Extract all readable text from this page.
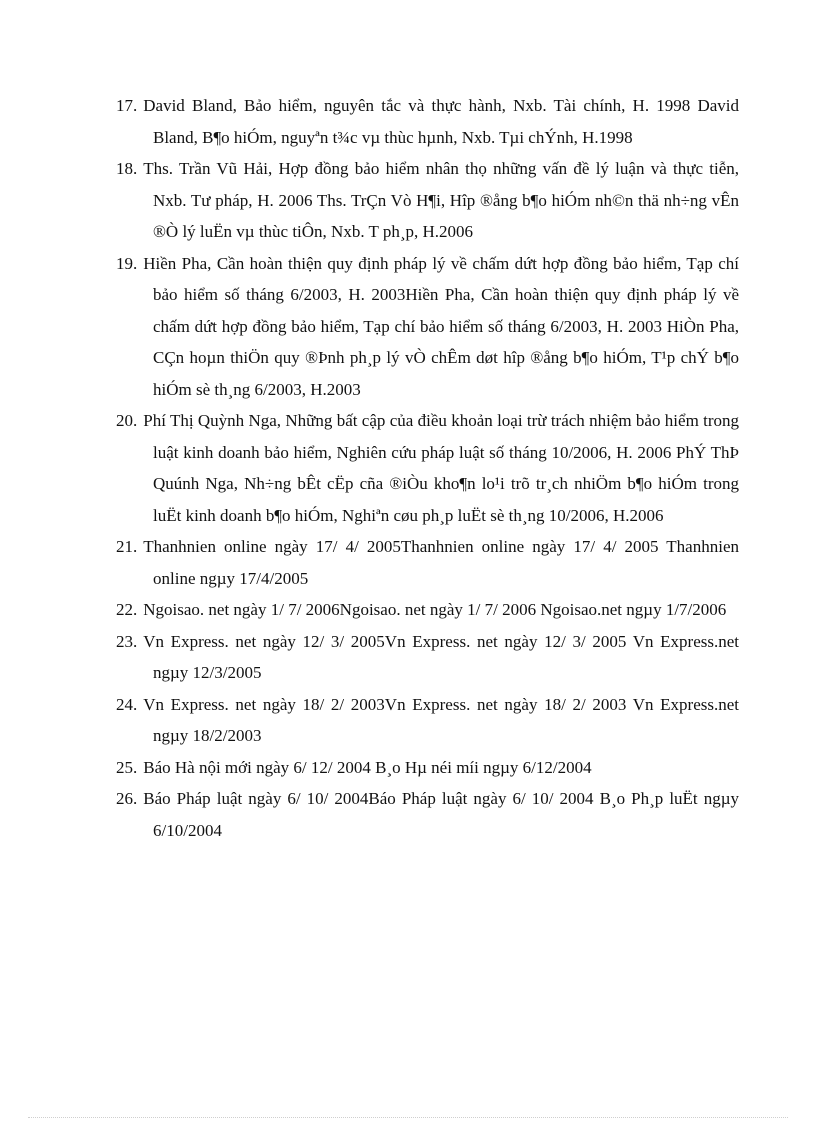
17. David Bland, Bảo hiểm, nguyên tắc và thực hành, Nxb. Tài chính, H. 1998 David Bland, B¶o hiÓm, nguyªn t¾c vµ thùc hµnh, Nxb. Tµi chÝnh, H.1998
18. Ths. Trần Vũ Hải, Hợp đồng bảo hiểm nhân thọ những vấn đề lý luận và thực tiễn, Nxb. Tư pháp, H. 2006 Ths. TrÇn Vò H¶i, Hîp ®ång b¶o hiÓm nh©n thä nh÷ng vÊn ®Ò lý luËn vµ thùc tiÔn, Nxb. T ph¸p, H.2006
19. Hiền Pha, Cần hoàn thiện quy định pháp lý về chấm dứt hợp đồng bảo hiểm, Tạp chí bảo hiểm số tháng 6/2003, H. 2003Hiền Pha, Cần hoàn thiện quy định pháp lý về chấm dứt hợp đồng bảo hiểm, Tạp chí bảo hiểm số tháng 6/2003, H. 2003 HiÒn Pha, CÇn hoµn thiÖn quy ®Þnh ph¸p lý vÒ chÊm døt hîp ®ång b¶o hiÓm, T¹p chÝ b¶o hiÓm sè th¸ng 6/2003, H.2003
20. Phí Thị Quỳnh Nga, Những bất cập của điều khoản loại trừ trách nhiệm bảo hiểm trong luật kinh doanh bảo hiểm, Nghiên cứu pháp luật số tháng 10/2006, H. 2006 PhÝ ThÞ Quúnh Nga, Nh÷ng bÊt cËp cña ®iÒu kho¶n lo¹i trõ tr¸ch nhiÖm b¶o hiÓm trong luËt kinh doanh b¶o hiÓm, Nghiªn cøu ph¸p luËt sè th¸ng 10/2006, H.2006
21. Thanhnien online ngày 17/ 4/ 2005Thanhnien online ngày 17/ 4/ 2005 Thanhnien online ngµy 17/4/2005
22. Ngoisao. net ngày 1/ 7/ 2006Ngoisao. net ngày 1/ 7/ 2006 Ngoisao.net ngµy 1/7/2006
23. Vn Express. net ngày 12/ 3/ 2005Vn Express. net ngày 12/ 3/ 2005 Vn Express.net ngµy 12/3/2005
24. Vn Express. net ngày 18/ 2/ 2003Vn Express. net ngày 18/ 2/ 2003 Vn Express.net ngµy 18/2/2003
25. Báo Hà nội mới ngày 6/ 12/ 2004 B¸o Hµ néi míi ngµy 6/12/2004
26. Báo Pháp luật ngày 6/ 10/ 2004Báo Pháp luật ngày 6/ 10/ 2004 B¸o Ph¸p luËt ngµy 6/10/2004
